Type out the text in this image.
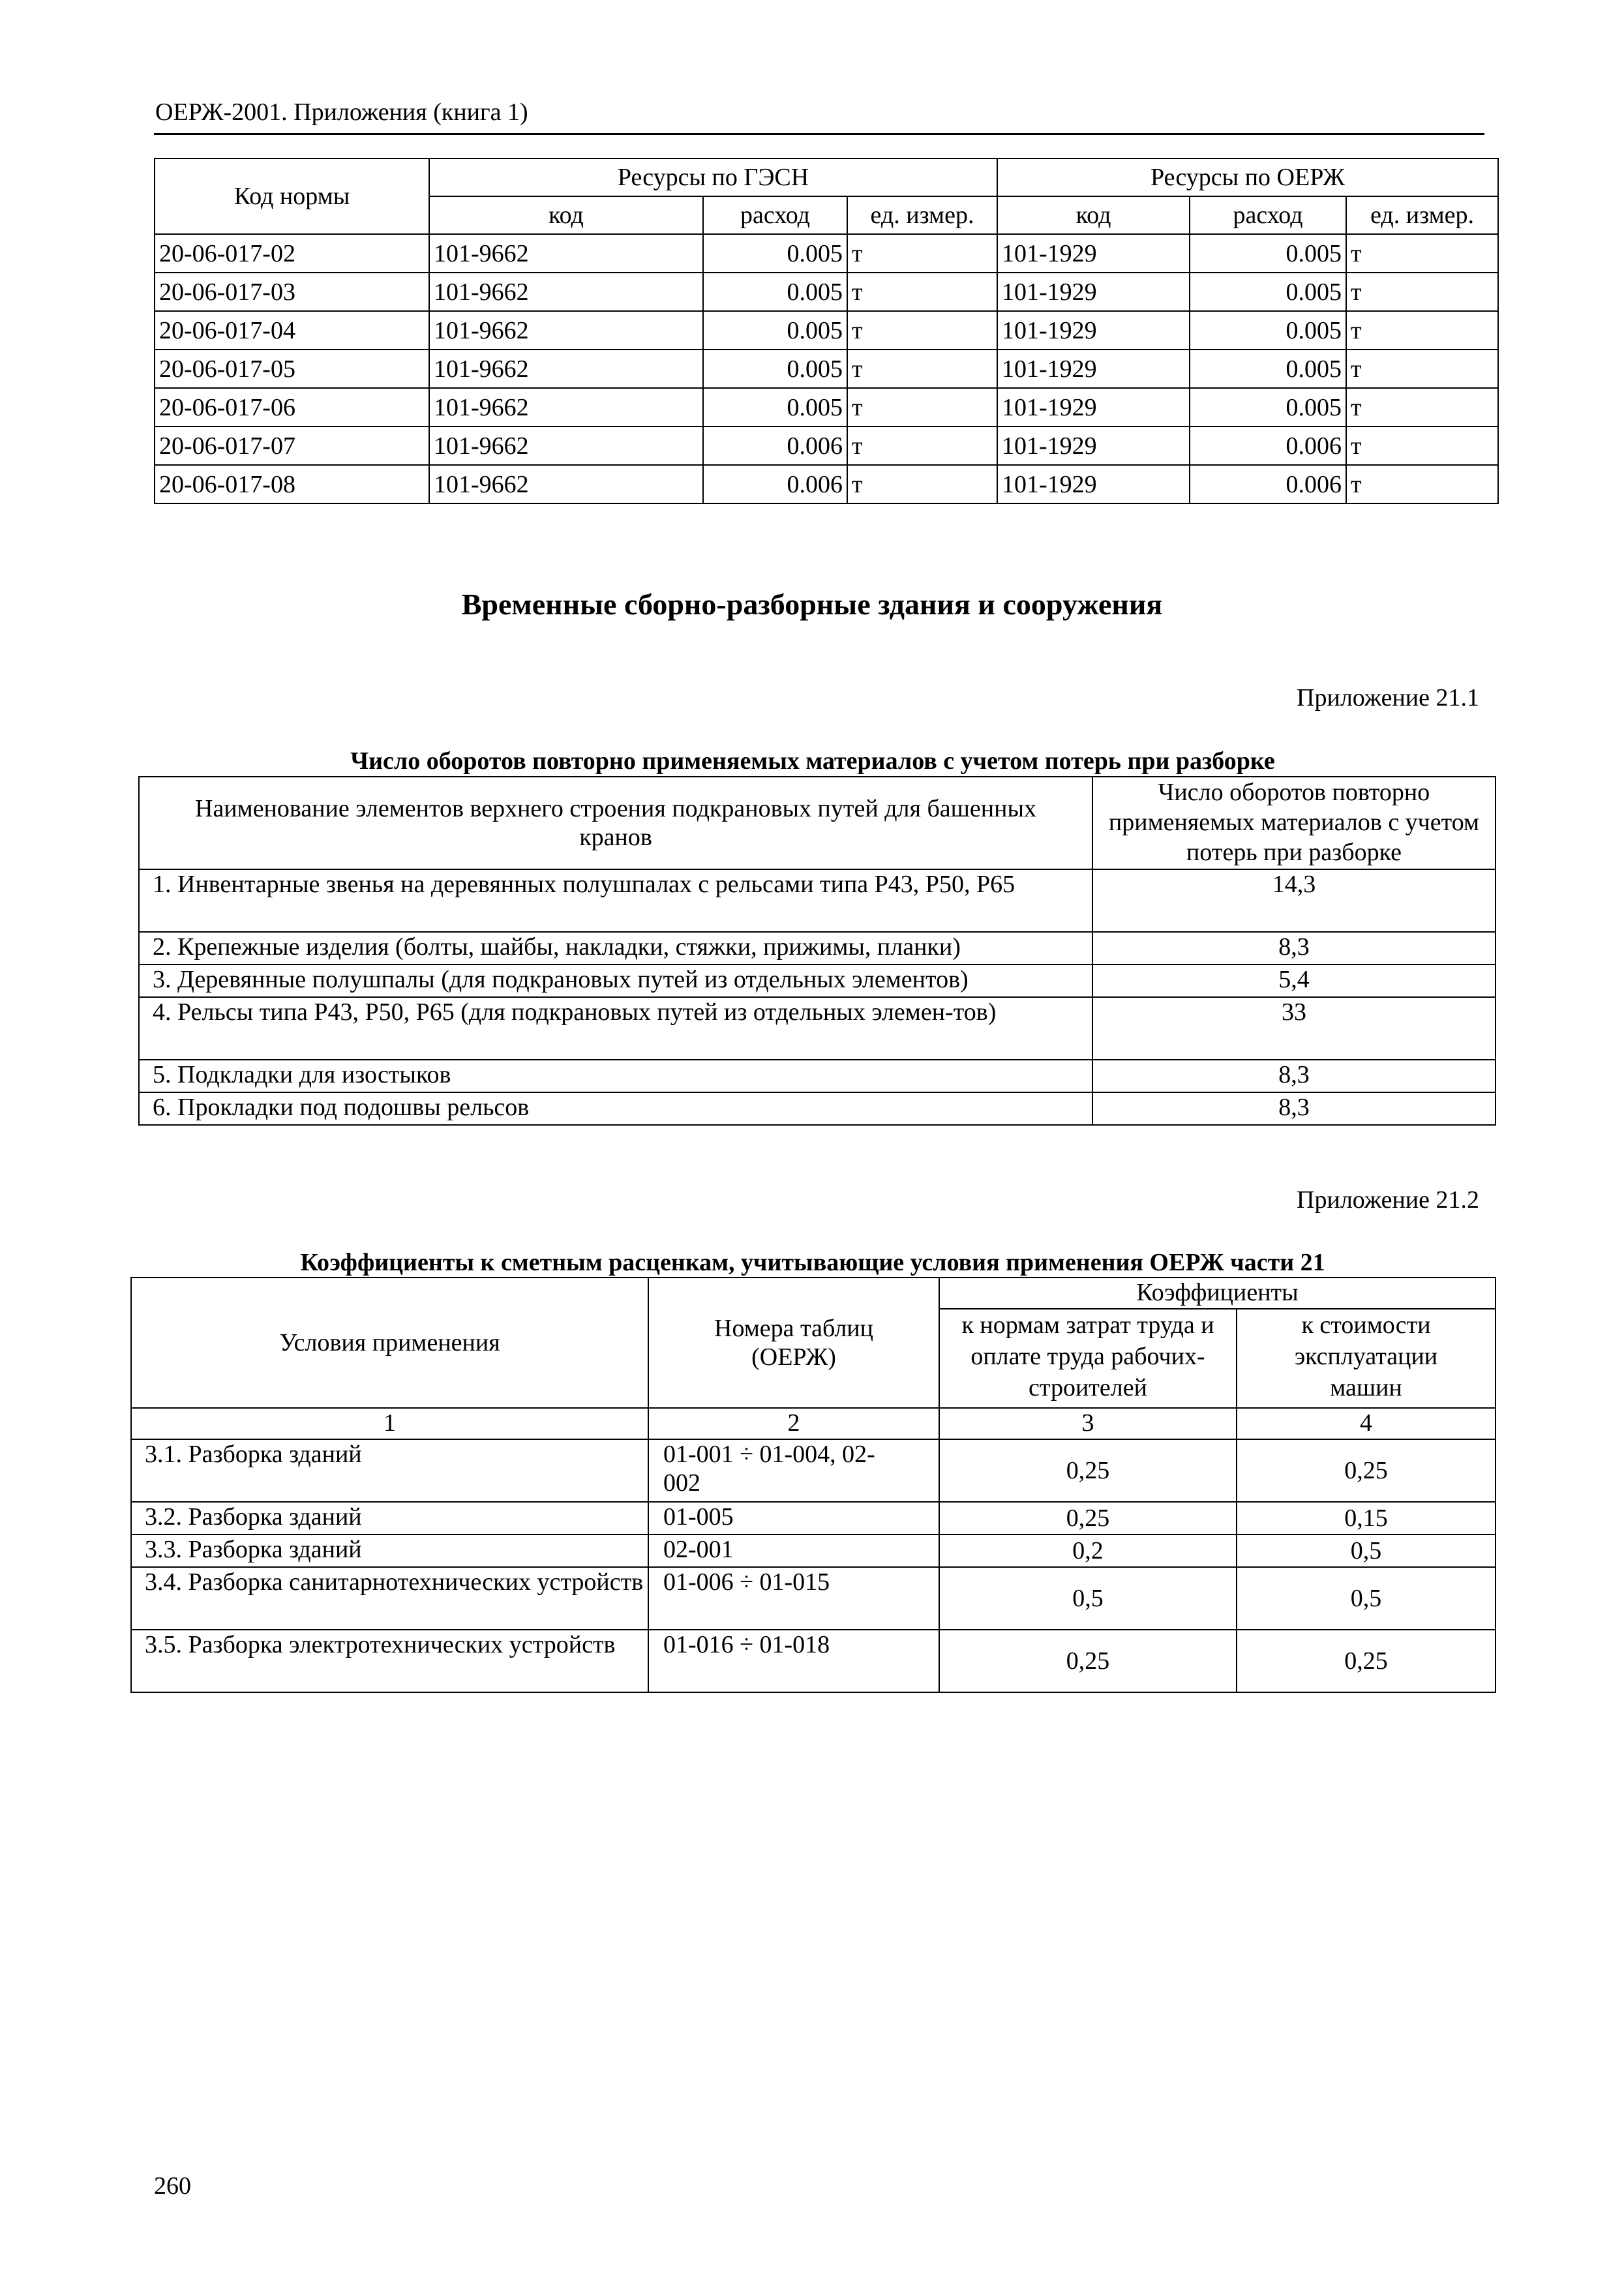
ОЕРЖ-2001. Приложения (книга 1)
Код нормы	Ресурсы по ГЭСН			Ресурсы по ОЕРЖ		
	код	расход	ед. измер.	код	расход	ед. измер.
20-06-017-02	101-9662	0.005	т	101-1929	0.005	т
20-06-017-03	101-9662	0.005	т	101-1929	0.005	т
20-06-017-04	101-9662	0.005	т	101-1929	0.005	т
20-06-017-05	101-9662	0.005	т	101-1929	0.005	т
20-06-017-06	101-9662	0.005	т	101-1929	0.005	т
20-06-017-07	101-9662	0.006	т	101-1929	0.006	т
20-06-017-08	101-9662	0.006	т	101-1929	0.006	т
Временные сборно-разборные здания и сооружения
Приложение 21.1
Число оборотов повторно применяемых материалов с учетом потерь при разборке
Наименование элементов верхнего строения подкрановых путей для башенных кранов	Число оборотов повторно применяемых материалов с учетом потерь при разборке
1. Инвентарные звенья на деревянных полушпалах с рельсами типа Р43, Р50, Р65	14,3
2. Крепежные изделия (болты, шайбы, накладки, стяжки, прижимы, планки)	8,3
3. Деревянные полушпалы (для подкрановых путей из отдельных элементов)	5,4
4. Рельсы типа Р43, Р50, Р65 (для подкрановых путей из отдельных элемен-тов)	33
5. Подкладки для изостыков	8,3
6. Прокладки под подошвы рельсов	8,3
Приложение 21.2
Коэффициенты к сметным расценкам, учитывающие условия применения ОЕРЖ части 21
Условия применения	Номера таблиц (ОЕРЖ)	Коэффициенты	
		к нормам затрат труда и оплате труда рабочих-строителей	к стоимости эксплуатации машин
1	2	3	4
3.1. Разборка зданий	01-001 ÷ 01-004, 02-002	0,25	0,25
3.2. Разборка зданий	01-005	0,25	0,15
3.3. Разборка зданий	02-001	0,2	0,5
3.4. Разборка санитарнотехнических устройств	01-006 ÷ 01-015	0,5	0,5
3.5. Разборка электротехнических устройств	01-016 ÷ 01-018	0,25	0,25
260
